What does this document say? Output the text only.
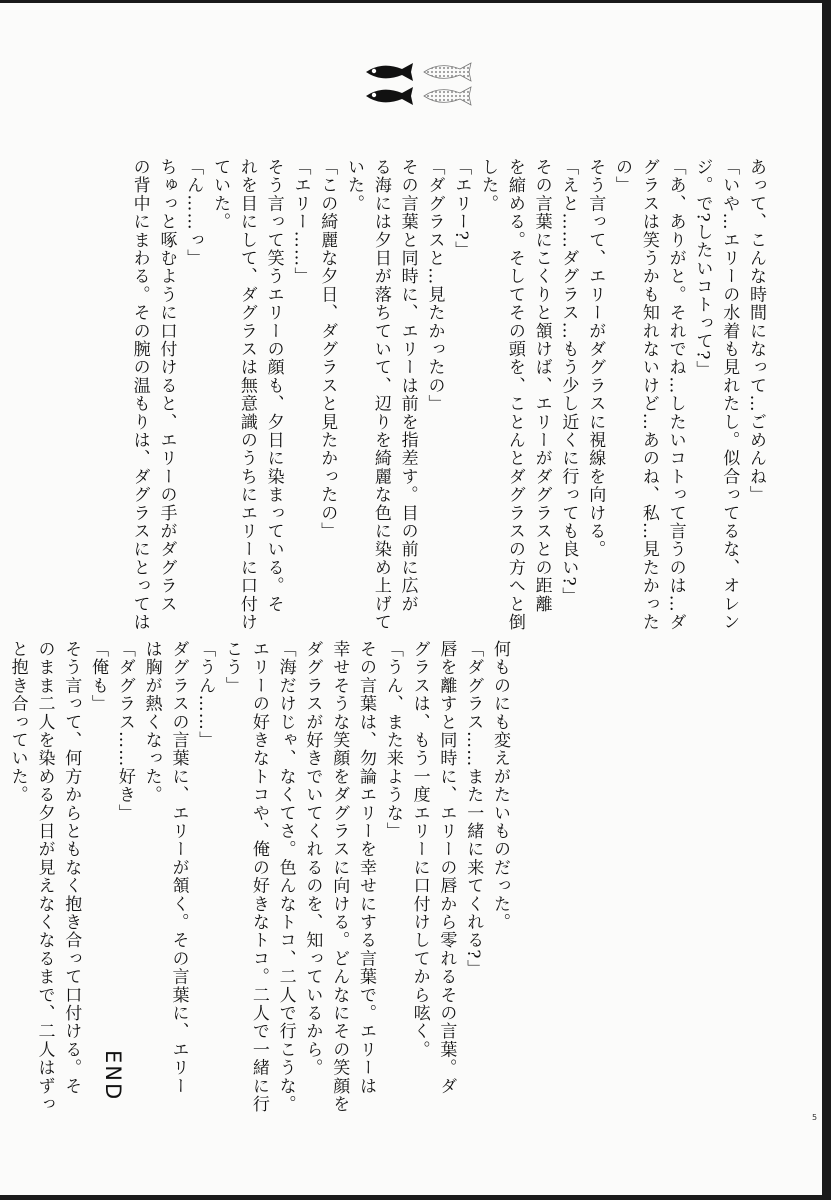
あって、こんな時間になって…ごめんね」
「いや…エリーの水着も見れたし。似合ってるな、オレン
ジ。で?したいコトって?」
「あ、ありがと。それでね…したいコトって言うのは…ダ
グラスは笑うかも知れないけど…あのね、私…見たかった
の」
そう言って、エリーがダグラスに視線を向ける。
「えと……ダグラス…もう少し近くに行っても良い?」
その言葉にこくりと頷けば、エリーがダグラスとの距離
を縮める。そしてその頭を、ことんとダグラスの方へと倒
した。
「エリー?」
「ダグラスと…見たかったの」
その言葉と同時に、エリーは前を指差す。目の前に広が
る海には夕日が落ちていて、辺りを綺麗な色に染め上げて
いた。
「この綺麗な夕日、ダグラスと見たかったの」
「エリー……」
そう言って笑うエリーの顔も、夕日に染まっている。そ
れを目にして、ダグラスは無意識のうちにエリーに口付け
ていた。
「ん……っ」
ちゅっと啄むように口付けると、エリーの手がダグラス
の背中にまわる。その腕の温もりは、ダグラスにとっては
何ものにも変えがたいものだった。
「ダグラス……また一緒に来てくれる?」
唇を離すと同時に、エリーの唇から零れるその言葉。ダ
グラスは、もう一度エリーに口付けしてから呟く。
「うん、また来ような」
その言葉は、勿論エリーを幸せにする言葉で。エリーは
幸せそうな笑顔をダグラスに向ける。どんなにその笑顔を
ダグラスが好きでいてくれるのを、知っているから。
「海だけじゃ、なくてさ。色んなトコ、二人で行こうな。
エリーの好きなトコや、俺の好きなトコ。二人で一緒に行
こう」
「うん……」
ダグラスの言葉に、エリーが頷く。その言葉に、エリー
は胸が熱くなった。
「ダグラス……好き」
「俺も」
そう言って、何方からともなく抱き合って口付ける。そ
のまま二人を染める夕日が見えなくなるまで、二人はずっ
と抱き合っていた。
END
5
